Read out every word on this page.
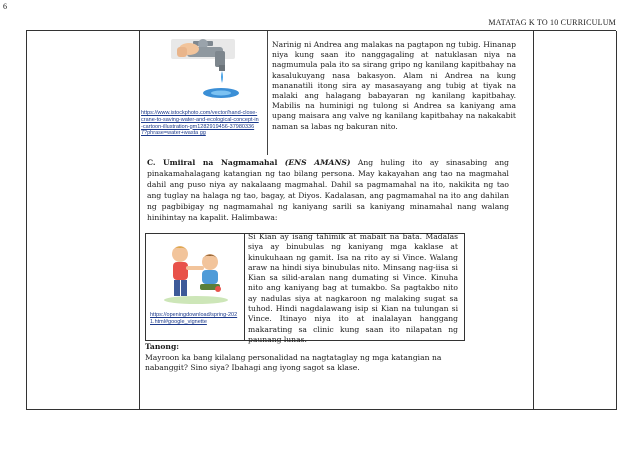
6
MATATAG K TO 10 CURRICULUM
https://www.istockphoto.com/vector/hand-close-crane-to-saving-water-and-ecological-concept-in-cartoon-illustration-gm1282919456-379803367?phrase=water+wasta gg
Narinig ni Andrea ang malakas na pagtapon ng tubig. Hinanap niya kung saan ito nanggagaling at natuklasan niya na nagmumula pala ito sa sirang gripo ng kanilang kapitbahay na kasalukuyang nasa bakasyon. Alam ni Andrea na kung mananatili itong sira ay masasayang ang tubig at tiyak na malaki ang halagang babayaran ng kanilang kapitbahay. Mabilis na huminigi ng tulong si Andrea sa kaniyang ama upang maisara ang valve ng kanilang kapitbahay na nakakabit naman sa labas ng bakuran nito.
C. Umiiral na Nagmamahal (ENS AMANS) Ang huling ito ay sinasabing ang pinakamahalagang katangian ng tao bilang persona. May kakayahan ang tao na magmahal dahil ang puso niya ay nakalaang magmahal. Dahil sa pagmamahal na ito, nakikita ng tao ang tuglay na halaga ng tao, bagay, at Diyos. Kadalasan, ang pagmamahal na ito ang dahilan ng pagbibigay ng nagmamahal ng kaniyang sarili sa kaniyang minamahal nang walang hinihintay na kapalit. Halimbawa:
https://openingdownload/spring-2021.html#google_vignette
Si Kian ay isang tahimik at mabait na bata. Madalas siya ay binubulas ng kaniyang mga kaklase at kinukuhaan ng gamit. Isa na rito ay si Vince. Walang araw na hindi siya binubulas nito. Minsang nag-iisa si Kian sa silid-aralan nang dumating si Vince. Kinuha nito ang kaniyang bag at tumakbo. Sa pagtakbo nito ay nadulas siya at nagkaroon ng malaking sugat sa tuhod. Hindi nagdalawang isip si Kian na tulungan si Vince. Itinayo niya ito at inalalayan hanggang makarating sa clinic kung saan ito nilapatan ng paunang lunas.
Tanong:
Mayroon ka bang kilalang personalidad na nagtataglay ng mga katangian na nabanggit? Sino siya? Ibahagi ang iyong sagot sa klase.
